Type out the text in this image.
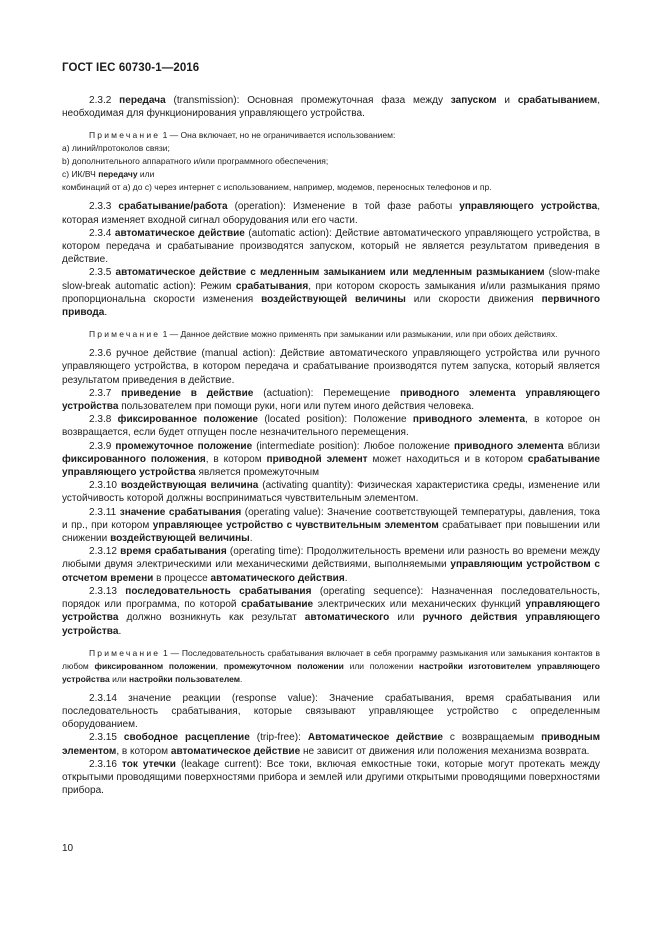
ГОСТ IEC 60730-1—2016

2.3.2 передача (transmission): Основная промежуточная фаза между запуском и срабатыванием, необходимая для функционирования управляющего устройства.

Примечание 1 — Она включает, но не ограничивается использованием:

a) линий/протоколов связи;

b) дополнительного аппаратного и/или программного обеспечения;

c) ИК/ВЧ передачу или

комбинаций от а) до с) через интернет с использованием, например, модемов, переносных телефонов и пр.

2.3.3 срабатывание/работа (operation): Изменение в той фазе работы управляющего устройства, которая изменяет входной сигнал оборудования или его части.

2.3.4 автоматическое действие (automatic action): Действие автоматического управляющего устройства, в котором передача и срабатывание производятся запуском, который не является результатом приведения в действие.

2.3.5 автоматическое действие с медленным замыканием или медленным размыканием (slow-make slow-break automatic action): Режим срабатывания, при котором скорость замыкания и/или размыкания прямо пропорциональна скорости изменения воздействующей величины или скорости движения первичного привода.

Примечание 1 — Данное действие можно применять при замыкании или размыкании, или при обоих действиях.

2.3.6 ручное действие (manual action): Действие автоматического управляющего устройства или ручного управляющего устройства, в котором передача и срабатывание производятся путем запуска, который является результатом приведения в действие.

2.3.7 приведение в действие (actuation): Перемещение приводного элемента управляющего устройства пользователем при помощи руки, ноги или путем иного действия человека.

2.3.8 фиксированное положение (located position): Положение приводного элемента, в которое он возвращается, если будет отпущен после незначительного перемещения.

2.3.9 промежуточное положение (intermediate position): Любое положение приводного элемента вблизи фиксированного положения, в котором приводной элемент может находиться и в котором срабатывание управляющего устройства является промежуточным

2.3.10 воздействующая величина (activating quantity): Физическая характеристика среды, изменение или устойчивость которой должны восприниматься чувствительным элементом.

2.3.11 значение срабатывания (operating value): Значение соответствующей температуры, давления, тока и пр., при котором управляющее устройство с чувствительным элементом срабатывает при повышении или снижении воздействующей величины.

2.3.12 время срабатывания (operating time): Продолжительность времени или разность во времени между любыми двумя электрическими или механическими действиями, выполняемыми управляющим устройством с отсчетом времени в процессе автоматического действия.

2.3.13 последовательность срабатывания (operating sequence): Назначенная последовательность, порядок или программа, по которой срабатывание электрических или механических функций управляющего устройства должно возникнуть как результат автоматического или ручного действия управляющего устройства.

Примечание 1 — Последовательность срабатывания включает в себя программу размыкания или замыкания контактов в любом фиксированном положении, промежуточном положении или положении настройки изготовителем управляющего устройства или настройки пользователем.

2.3.14 значение реакции (response value): Значение срабатывания, время срабатывания или последовательность срабатывания, которые связывают управляющее устройство с определенным оборудованием.

2.3.15 свободное расцепление (trip-free): Автоматическое действие с возвращаемым приводным элементом, в котором автоматическое действие не зависит от движения или положения механизма возврата.

2.3.16 ток утечки (leakage current): Все токи, включая емкостные токи, которые могут протекать между открытыми проводящими поверхностями прибора и землей или другими открытыми проводящими поверхностями прибора.

10
